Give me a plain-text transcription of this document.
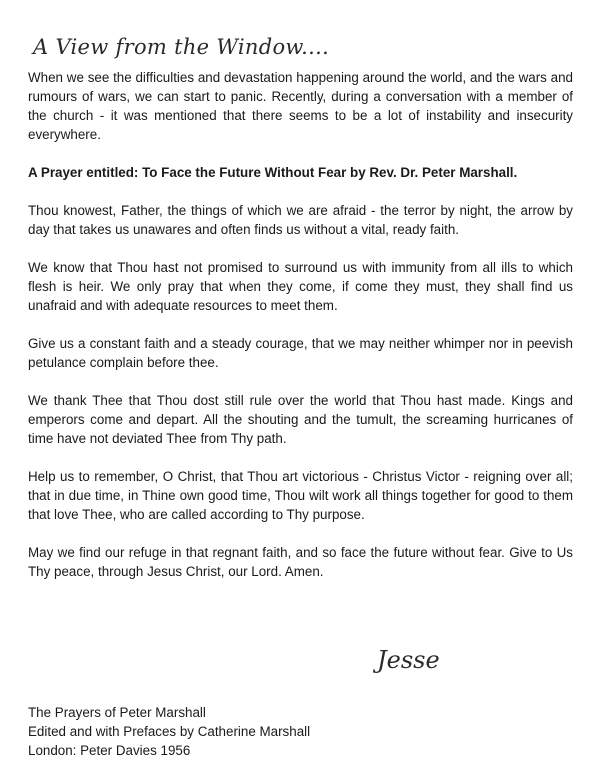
A View from the Window....

When we see the difficulties and devastation happening around the world, and the wars and rumours of wars, we can start to panic. Recently, during a conversation with a member of the church - it was mentioned that there seems to be a lot of instability and insecurity everywhere.

A Prayer entitled: To Face the Future Without Fear by Rev. Dr. Peter Marshall.

Thou knowest, Father, the things of which we are afraid - the terror by night, the arrow by day that takes us unawares and often finds us without a vital, ready faith.

We know that Thou hast not promised to surround us with immunity from all ills to which flesh is heir. We only pray that when they come, if come they must, they shall find us unafraid and with adequate resources to meet them.

Give us a constant faith and a steady courage, that we may neither whimper nor in peevish petulance complain before thee.

We thank Thee that Thou dost still rule over the world that Thou hast made. Kings and emperors come and depart. All the shouting and the tumult, the screaming hurricanes of time have not deviated Thee from Thy path.

Help us to remember, O Christ, that Thou art victorious - Christus Victor - reigning over all; that in due time, in Thine own good time, Thou wilt work all things together for good to them that love Thee, who are called according to Thy purpose.

May we find our refuge in that regnant faith, and so face the future without fear. Give to Us Thy peace, through Jesus Christ, our Lord. Amen.

Jesse
The Prayers of Peter Marshall
Edited and with Prefaces by Catherine Marshall
London: Peter Davies 1956
